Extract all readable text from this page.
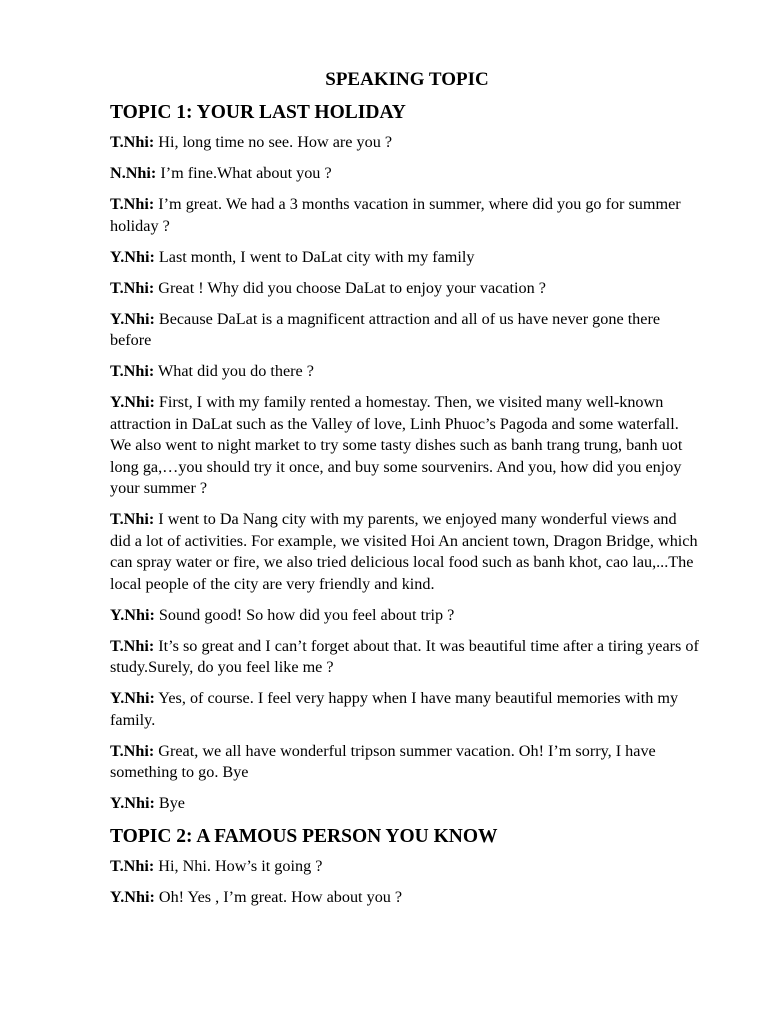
SPEAKING TOPIC
TOPIC 1: YOUR LAST HOLIDAY

T.Nhi: Hi, long time no see. How are you ?

N.Nhi: I’m fine.What about you ?

T.Nhi: I’m great. We had a 3 months vacation in summer, where did you go for summer holiday ?

Y.Nhi: Last month, I went to DaLat city with my family

T.Nhi: Great ! Why did you choose DaLat to enjoy your vacation ?

Y.Nhi: Because DaLat is a magnificent attraction and all of us have never gone there before

T.Nhi: What did you do there ?

Y.Nhi: First, I with my family rented a homestay. Then, we visited many well-known attraction in DaLat such as the Valley of love, Linh Phuoc’s Pagoda and some waterfall. We also went to night market to try some tasty dishes such as banh trang trung, banh uot long ga,…you should try it once, and buy some sourvenirs. And you, how did you enjoy your summer ?

T.Nhi: I went to Da Nang city with my parents, we enjoyed many wonderful views and did a lot of activities. For example, we visited Hoi An ancient town, Dragon Bridge, which can spray water or fire, we also tried delicious local food such as banh khot, cao lau,...The local people of the city are very friendly and kind.

Y.Nhi: Sound good! So how did you feel about trip ?

T.Nhi: It’s so great and I can’t forget about that. It was beautiful time after a tiring years of study.Surely, do you feel like me ?

Y.Nhi: Yes, of course. I feel very happy when I have many beautiful memories with my family.

T.Nhi: Great, we all have wonderful tripson summer vacation. Oh! I’m sorry, I have something to go. Bye

Y.Nhi: Bye

TOPIC 2: A FAMOUS PERSON YOU KNOW

T.Nhi: Hi, Nhi. How’s it going ?

Y.Nhi: Oh! Yes , I’m great. How about you ?
